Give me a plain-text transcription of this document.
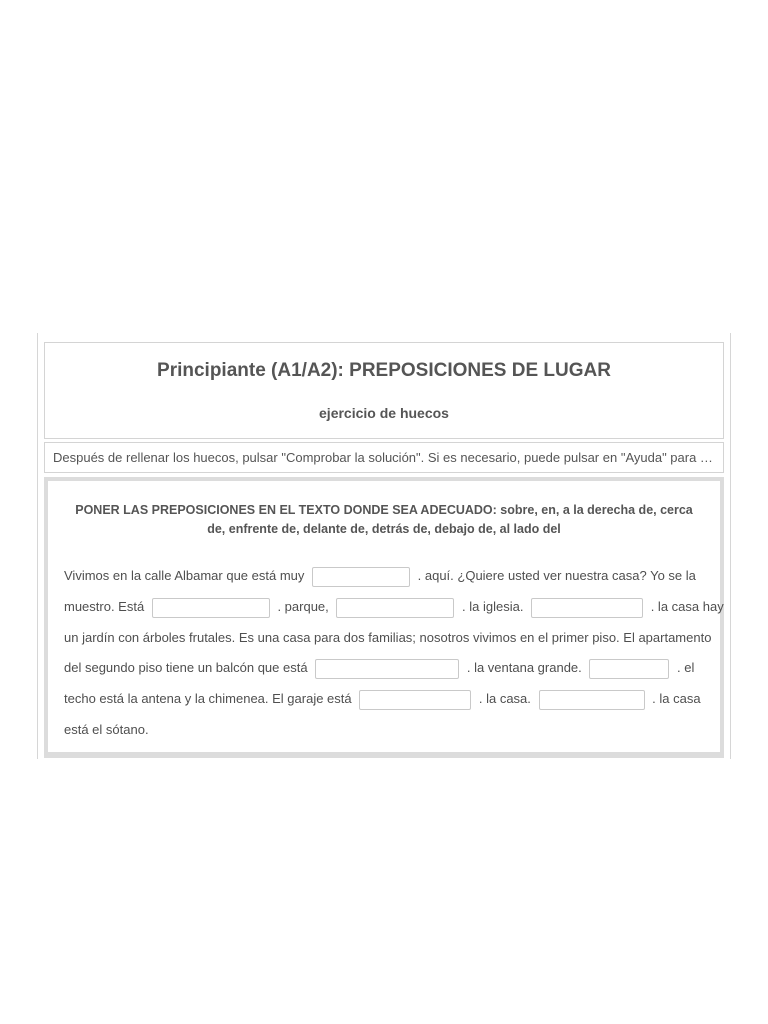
Principiante (A1/A2): PREPOSICIONES DE LUGAR
ejercicio de huecos
Después de rellenar los huecos, pulsar "Comprobar la solución". Si es necesario, puede pulsar en "Ayuda" para …
PONER LAS PREPOSICIONES EN EL TEXTO DONDE SEA ADECUADO: sobre, en, a la derecha de, cerca
de, enfrente de, delante de, detrás de, debajo de, al lado del
Vivimos en la calle Albamar que está muy	. aquí. ¿Quiere usted ver nuestra casa? Yo se la
muestro. Está	. parque,	. la iglesia.	. la casa hay
un jardín con árboles frutales. Es una casa para dos familias; nosotros vivimos en el primer piso. El apartamento
del segundo piso tiene un balcón que está	. la ventana grande.	. el
techo está la antena y la chimenea. El garaje está	. la casa.	. la casa
está el sótano.
